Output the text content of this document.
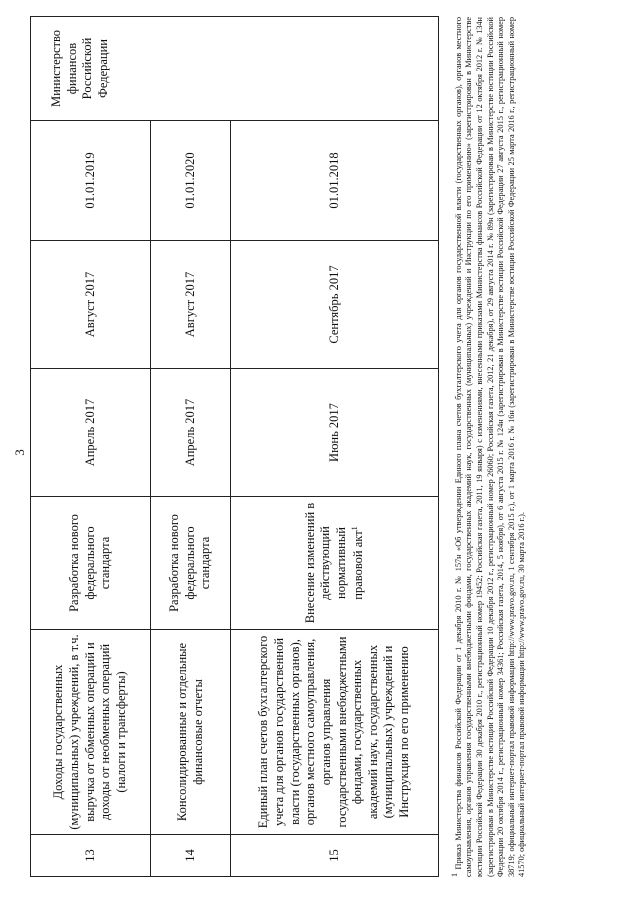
3
13	Доходы государственных (муниципальных) учреждений, в т.ч. выручка от обменных операций и доходы от необменных операций (налоги и трансферты)	Разработка нового федерального стандарта	Апрель 2017	Август 2017	01.01.2019	Министерство финансов Российской Федерации
14	Консолидированные и отдельные финансовые отчеты	Разработка нового федерального стандарта	Апрель 2017	Август 2017	01.01.2020	
15	Единый план счетов бухгалтерского учета для органов государственной власти (государственных органов), органов местного самоуправления, органов управления государственными внебюджетными фондами, государственных академий наук, государственных (муниципальных) учреждений и Инструкция по его применению	Внесение изменений в действующий нормативный правовой акт$^1$	Июнь 2017	Сентябрь 2017	01.01.2018	
$^1$ Приказ Министерства финансов Российской Федерации от 1 декабря 2010 г. № 157н «Об утверждении Единого плана счетов бухгалтерского учета для органов государственной власти (государственных органов), органов местного самоуправления, органов управления государственными внебюджетными фондами, государственных академий наук, государственных (муниципальных) учреждений и Инструкции по его применению» (зарегистрирован в Министерстве юстиции Российской Федерации 30 декабря 2010 г., регистрационный номер 19452; Российская газета, 2011, 19 января) с изменениями, внесенными приказами Министерства финансов Российской Федерации от 12 октября 2012 г. № 134н (зарегистрирован в Министерстве юстиции Российской Федерации 10 декабря 2012 г., регистрационный номер 26060; Российская газета, 2012, 21 декабря), от 29 августа 2014 г. № 89н (зарегистрирован в Министерстве юстиции Российской Федерации 20 октября 2014 г., регистрационный номер 34361; Российская газета, 2014, 5 ноября), от 6 августа 2015 г. № 124н (зарегистрирован в Министерстве юстиции Российской Федерации 27 августа 2015 г., регистрационный номер 38719; официальный интернет-портал правовой информации http://www.pravo.gov.ru, 1 сентября 2015 г.), от 1 марта 2016 г. № 16н (зарегистрирован в Министерстве юстиции Российской Федерации 25 марта 2016 г., регистрационный номер 41570; официальный интернет-портал правовой информации http://www.pravo.gov.ru, 30 марта 2016 г.).
